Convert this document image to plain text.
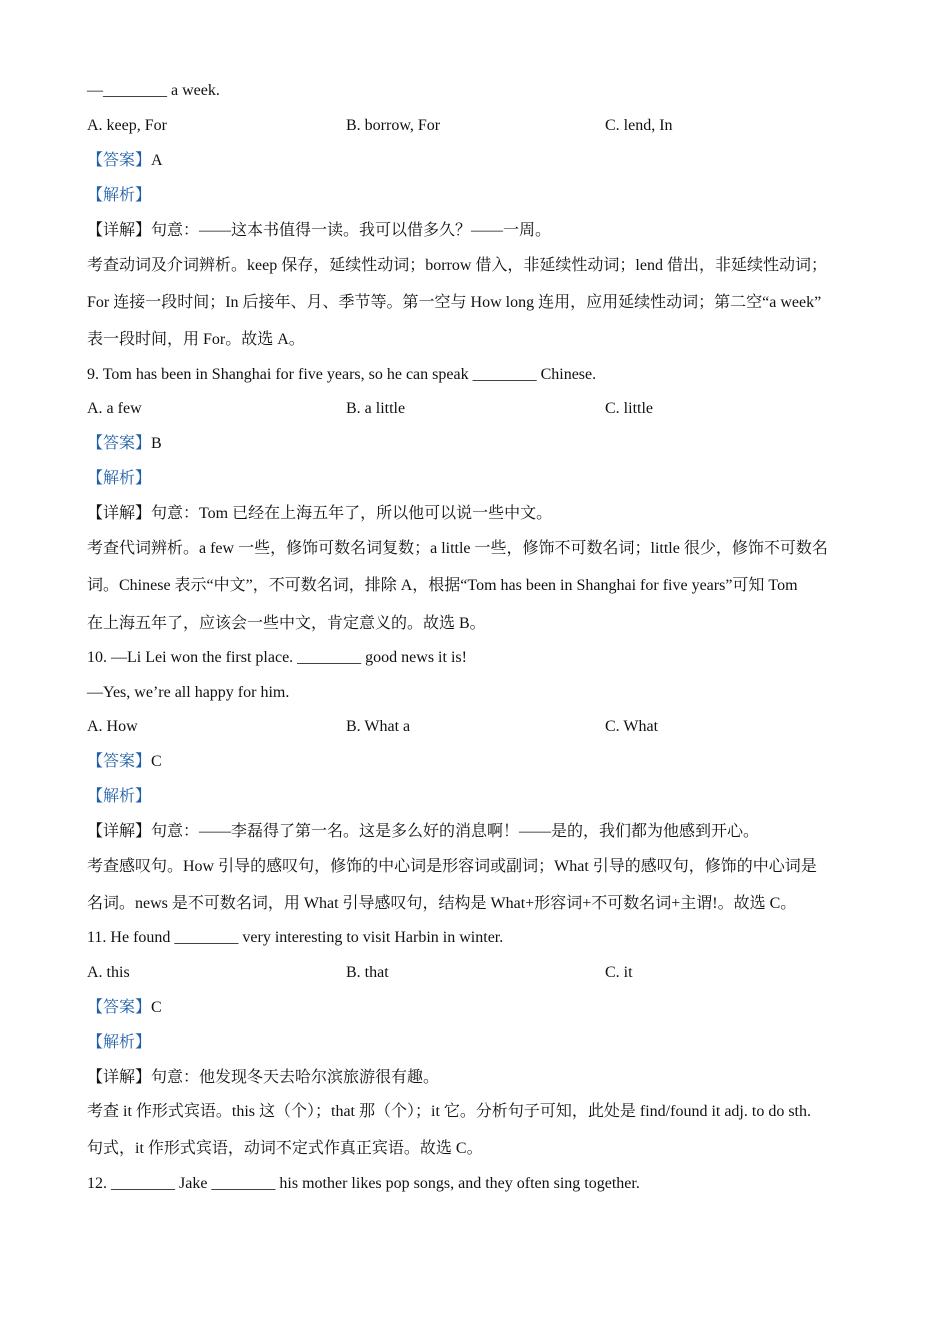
—________ a week.
A. keep, For	B. borrow, For	C. lend, In
【答案】A
【解析】
【详解】句意：——这本书值得一读。我可以借多久？——一周。
考查动词及介词辨析。keep 保存，延续性动词；borrow 借入，非延续性动词；lend 借出，非延续性动词；
For 连接一段时间；In 后接年、月、季节等。第一空与 How long 连用，应用延续性动词；第二空“a week”
表一段时间，用 For。故选 A。
9. Tom has been in Shanghai for five years, so he can speak ________ Chinese.
A. a few	B. a little	C. little
【答案】B
【解析】
【详解】句意：Tom 已经在上海五年了，所以他可以说一些中文。
考查代词辨析。a few 一些，修饰可数名词复数；a little 一些，修饰不可数名词；little 很少，修饰不可数名
词。Chinese 表示“中文”，不可数名词，排除 A，根据“Tom has been in Shanghai for five years”可知 Tom
在上海五年了，应该会一些中文，肯定意义的。故选 B。
10. —Li Lei won the first place. ________ good news it is!
—Yes, we’re all happy for him.
A. How	B. What a	C. What
【答案】C
【解析】
【详解】句意：——李磊得了第一名。这是多么好的消息啊！——是的，我们都为他感到开心。
考查感叹句。How 引导的感叹句，修饰的中心词是形容词或副词；What 引导的感叹句，修饰的中心词是
名词。news 是不可数名词，用 What 引导感叹句，结构是 What+形容词+不可数名词+主谓!。故选 C。
11. He found ________ very interesting to visit Harbin in winter.
A. this	B. that	C. it
【答案】C
【解析】
【详解】句意：他发现冬天去哈尔滨旅游很有趣。
考查 it 作形式宾语。this 这（个）；that 那（个）；it 它。分析句子可知，此处是 find/found it adj. to do sth.
句式，it 作形式宾语，动词不定式作真正宾语。故选 C。
12. ________ Jake ________ his mother likes pop songs, and they often sing together.
